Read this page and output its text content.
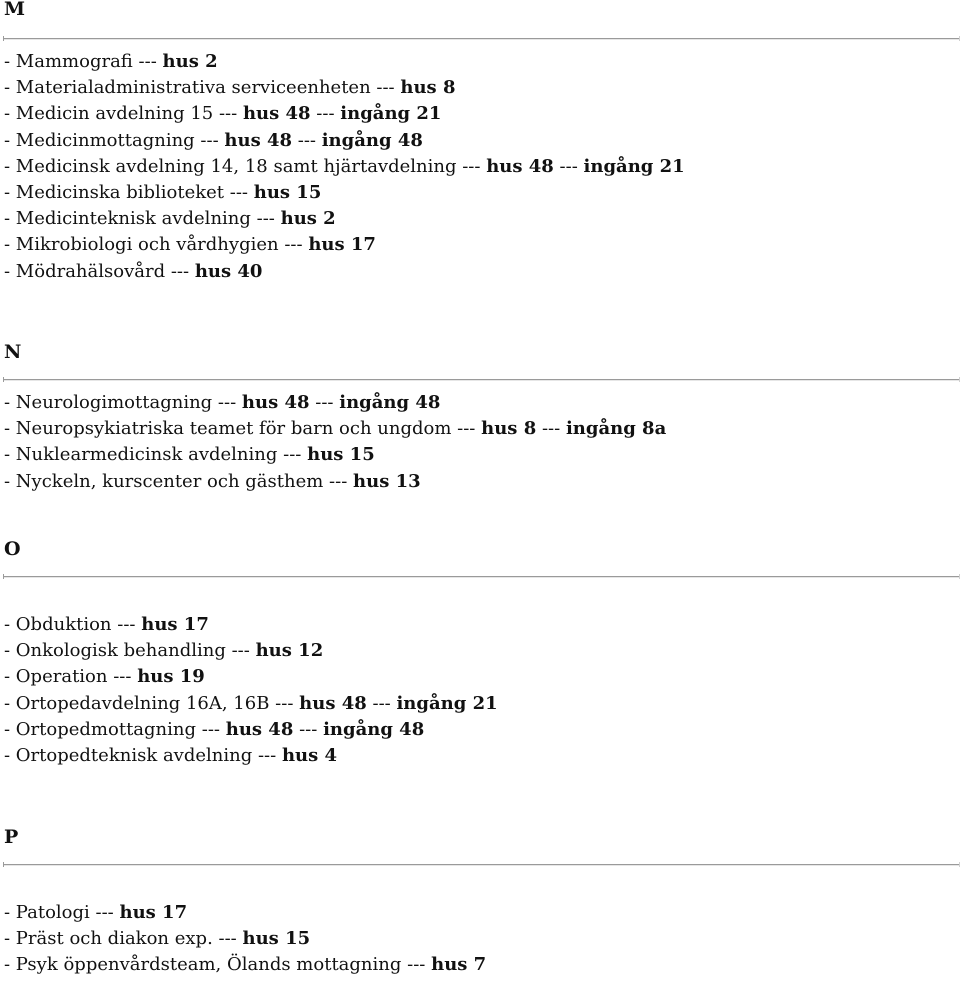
M
- Mammografi --- hus 2
- Materialadministrativa serviceenheten --- hus 8
- Medicin avdelning 15 --- hus 48 --- ingång 21
- Medicinmottagning --- hus 48 --- ingång 48
- Medicinsk avdelning 14, 18 samt hjärtavdelning --- hus 48 --- ingång 21
- Medicinska biblioteket --- hus 15
- Medicinteknisk avdelning --- hus 2
- Mikrobiologi och vårdhygien --- hus 17
- Mödrahälsovård --- hus 40
N
- Neurologimottagning --- hus 48 --- ingång 48
- Neuropsykiatriska teamet för barn och ungdom --- hus 8 --- ingång 8a
- Nuklearmedicinsk avdelning --- hus 15
- Nyckeln, kurscenter och gästhem --- hus 13
O
- Obduktion --- hus 17
- Onkologisk behandling --- hus 12
- Operation --- hus 19
- Ortopedavdelning 16A, 16B --- hus 48 --- ingång 21
- Ortopedmottagning --- hus 48 --- ingång 48
- Ortopedteknisk avdelning --- hus 4
P
- Patologi --- hus 17
- Präst och diakon exp. --- hus 15
- Psyk öppenvårdsteam, Ölands mottagning --- hus 7
